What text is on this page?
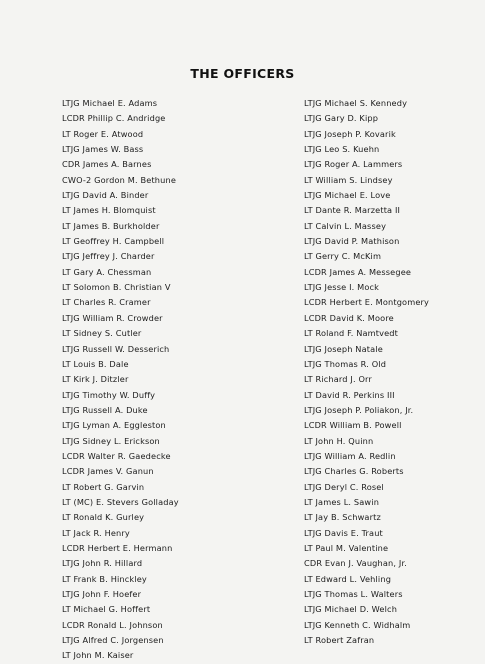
THE OFFICERS
LTJG Michael E. Adams
LCDR Phillip C. Andridge
LT Roger E. Atwood
LTJG James W. Bass
CDR James A. Barnes
CWO-2 Gordon M. Bethune
LTJG David A. Binder
LT James H. Blomquist
LT James B. Burkholder
LT Geoffrey H. Campbell
LTJG Jeffrey J. Charder
LT Gary A. Chessman
LT Solomon B. Christian V
LT Charles R. Cramer
LTJG William R. Crowder
LT Sidney S. Cutler
LTJG Russell W. Desserich
LT Louis B. Dale
LT Kirk J. Ditzler
LTJG Timothy W. Duffy
LTJG Russell A. Duke
LTJG Lyman A. Eggleston
LTJG Sidney L. Erickson
LCDR Walter R. Gaedecke
LCDR James V. Ganun
LT Robert G. Garvin
LT (MC) E. Stevers Golladay
LT Ronald K. Gurley
LT Jack R. Henry
LCDR Herbert E. Hermann
LTJG John R. Hillard
LT Frank B. Hinckley
LTJG John F. Hoefer
LT Michael G. Hoffert
LCDR Ronald L. Johnson
LTJG Alfred C. Jorgensen
LT John M. Kaiser
LTJG Michael S. Kennedy
LTJG Gary D. Kipp
LTJG Joseph P. Kovarik
LTJG Leo S. Kuehn
LTJG Roger A. Lammers
LT William S. Lindsey
LTJG Michael E. Love
LT Dante R. Marzetta II
LT Calvin L. Massey
LTJG David P. Mathison
LT Gerry C. McKim
LCDR James A. Messegee
LTJG Jesse I. Mock
LCDR Herbert E. Montgomery
LCDR David K. Moore
LT Roland F. Namtvedt
LTJG Joseph Natale
LTJG Thomas R. Old
LT Richard J. Orr
LT David R. Perkins III
LTJG Joseph P. Poliakon, Jr.
LCDR William B. Powell
LT John H. Quinn
LTJG William A. Redlin
LTJG Charles G. Roberts
LTJG Deryl C. Rosel
LT James L. Sawin
LT Jay B. Schwartz
LTJG Davis E. Traut
LT Paul M. Valentine
CDR Evan J. Vaughan, Jr.
LT Edward L. Vehling
LTJG Thomas L. Walters
LTJG Michael D. Welch
LTJG Kenneth C. Widhalm
LT Robert Zafran
